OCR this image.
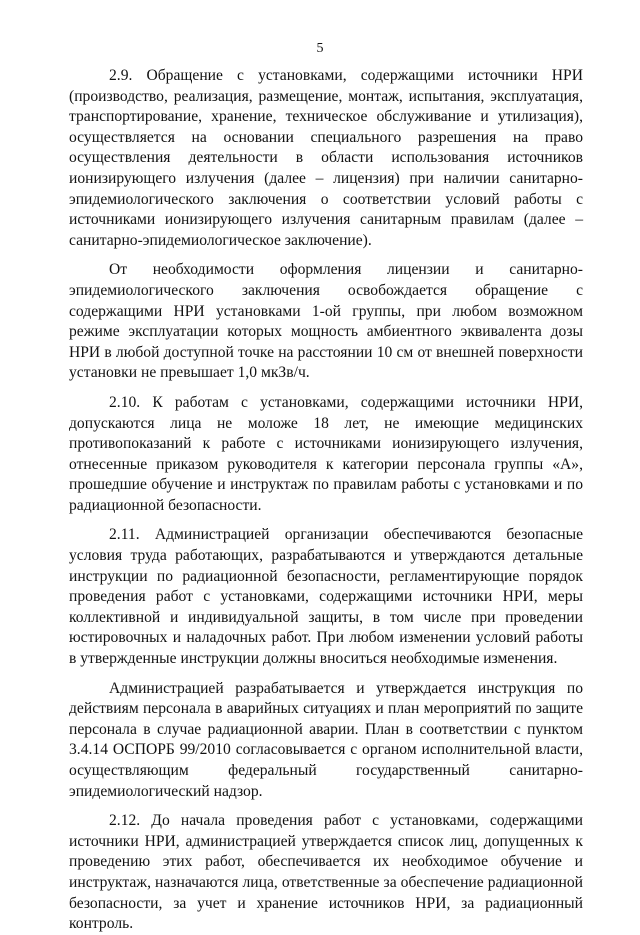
5

2.9. Обращение с установками, содержащими источники НРИ (производство, реализация, размещение, монтаж, испытания, эксплуатация, транспортирование, хранение, техническое обслуживание и утилизация), осуществляется на основании специального разрешения на право осуществления деятельности в области использования источников ионизирующего излучения (далее – лицензия) при наличии санитарно-эпидемиологического заключения о соответствии условий работы с источниками ионизирующего излучения санитарным правилам (далее – санитарно-эпидемиологическое заключение).

От необходимости оформления лицензии и санитарно-эпидемиологического заключения освобождается обращение с содержащими НРИ установками 1-ой группы, при любом возможном режиме эксплуатации которых мощность амбиентного эквивалента дозы НРИ в любой доступной точке на расстоянии 10 см от внешней поверхности установки не превышает 1,0 мкЗв/ч.

2.10. К работам с установками, содержащими источники НРИ, допускаются лица не моложе 18 лет, не имеющие медицинских противопоказаний к работе с источниками ионизирующего излучения, отнесенные приказом руководителя к категории персонала группы «А», прошедшие обучение и инструктаж по правилам работы с установками и по радиационной безопасности.

2.11. Администрацией организации обеспечиваются безопасные условия труда работающих, разрабатываются и утверждаются детальные инструкции по радиационной безопасности, регламентирующие порядок проведения работ с установками, содержащими источники НРИ, меры коллективной и индивидуальной защиты, в том числе при проведении юстировочных и наладочных работ. При любом изменении условий работы в утвержденные инструкции должны вноситься необходимые изменения.

Администрацией разрабатывается и утверждается инструкция по действиям персонала в аварийных ситуациях и план мероприятий по защите персонала в случае радиационной аварии. План в соответствии с пунктом 3.4.14 ОСПОРБ 99/2010 согласовывается с органом исполнительной власти, осуществляющим федеральный государственный санитарно-эпидемиологический надзор.

2.12. До начала проведения работ с установками, содержащими источники НРИ, администрацией утверждается список лиц, допущенных к проведению этих работ, обеспечивается их необходимое обучение и инструктаж, назначаются лица, ответственные за обеспечение радиационной безопасности, за учет и хранение источников НРИ, за радиационный контроль.
